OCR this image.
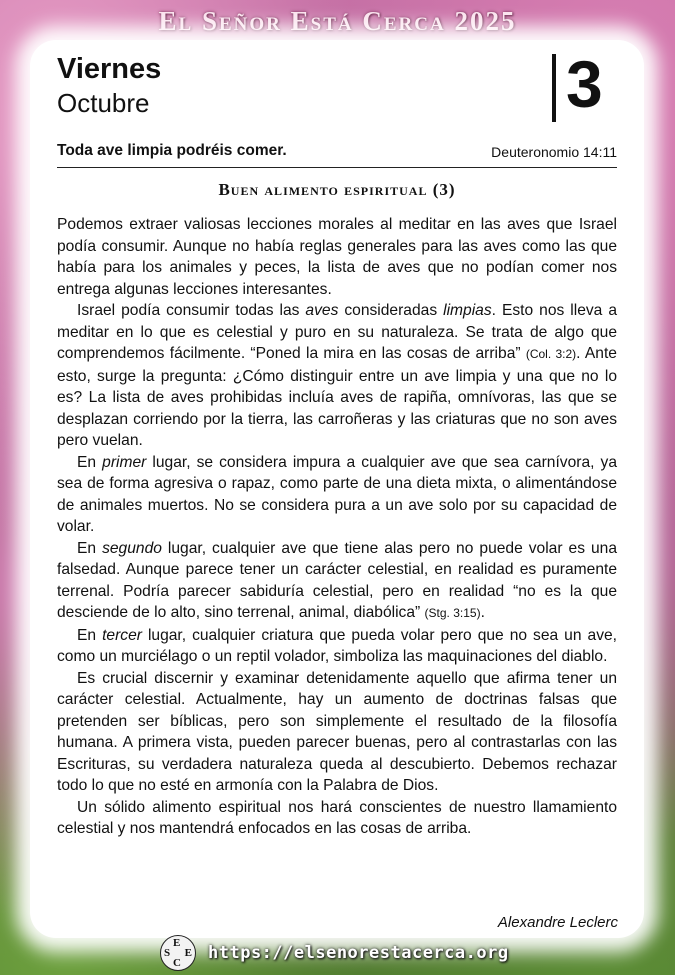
El Señor Está Cerca 2025
Viernes
Octubre	3
Toda ave limpia podréis comer.	Deuteronomio 14:11
Buen alimento espiritual (3)

Podemos extraer valiosas lecciones morales al meditar en las aves que Israel podía consumir. Aunque no había reglas generales para las aves como las que había para los animales y peces, la lista de aves que no podían comer nos entrega algunas lecciones interesantes.

Israel podía consumir todas las aves consideradas limpias. Esto nos lleva a meditar en lo que es celestial y puro en su naturaleza. Se trata de algo que comprendemos fácilmente. “Poned la mira en las cosas de arriba” (Col. 3:2). Ante esto, surge la pregunta: ¿Cómo distinguir entre un ave limpia y una que no lo es? La lista de aves prohibidas incluía aves de rapiña, omnívoras, las que se desplazan corriendo por la tierra, las carroñeras y las criaturas que no son aves pero vuelan.

En primer lugar, se considera impura a cualquier ave que sea carnívora, ya sea de forma agresiva o rapaz, como parte de una dieta mixta, o alimentándose de animales muertos. No se considera pura a un ave solo por su capacidad de volar.

En segundo lugar, cualquier ave que tiene alas pero no puede volar es una falsedad. Aunque parece tener un carácter celestial, en realidad es puramente terrenal. Podría parecer sabiduría celestial, pero en realidad “no es la que desciende de lo alto, sino terrenal, animal, diabólica” (Stg. 3:15).

En tercer lugar, cualquier criatura que pueda volar pero que no sea un ave, como un murciélago o un reptil volador, simboliza las maquinaciones del diablo.

Es crucial discernir y examinar detenidamente aquello que afirma tener un carácter celestial. Actualmente, hay un aumento de doctrinas falsas que pretenden ser bíblicas, pero son simplemente el resultado de la filosofía humana. A primera vista, pueden parecer buenas, pero al contrastarlas con las Escrituras, su verdadera naturaleza queda al descubierto. Debemos rechazar todo lo que no esté en armonía con la Palabra de Dios.

Un sólido alimento espiritual nos hará conscientes de nuestro llamamiento celestial y nos mantendrá enfocados en las cosas de arriba.

Alexandre Leclerc
E
S E
C https://elsenorestacerca.org
